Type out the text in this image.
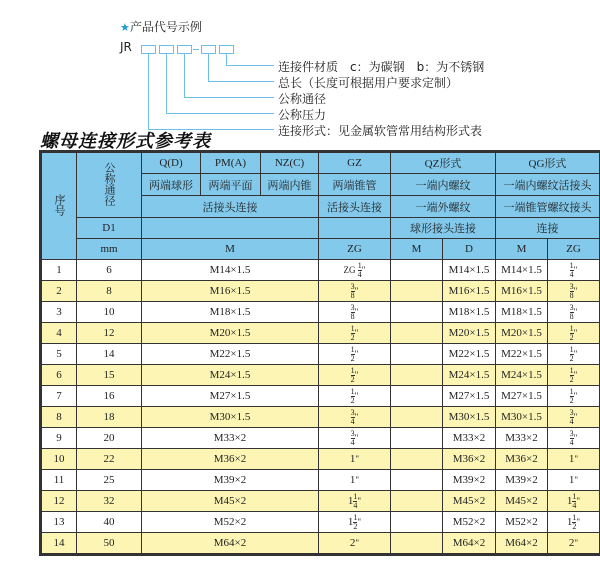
★产品代号示例
JR
连接件材质　c：为碳钢　b：为不锈钢
总长（长度可根据用户要求定制）
公称通径
公称压力
连接形式：见金属软管常用结构形式表
螺母连接形式参考表
序号	公称通径	Q(D)	PM(A)	NZ(C)	GZ	QZ形式		QG形式	
		两端球形	两端平面	两端内锥	两端锥管	一端内螺纹		一端内螺纹活接头	
		活接头连接			活接头连接	一端外螺纹		一端锥管螺纹接头	
	D1					球形接头连接		连接	
	mm	M			ZG	M	D	M	ZG
1	6	M14×1.5			ZG $\frac{1}{4}$ "		M14×1.5	M14×1.5	$\frac{1}{4}$ "
2	8	M16×1.5			$\frac{3}{8}$ "		M16×1.5	M16×1.5	$\frac{3}{8}$ "
3	10	M18×1.5			$\frac{3}{8}$ "		M18×1.5	M18×1.5	$\frac{3}{8}$ "
4	12	M20×1.5			$\frac{1}{2}$ "		M20×1.5	M20×1.5	$\frac{1}{2}$ "
5	14	M22×1.5			$\frac{1}{2}$ "		M22×1.5	M22×1.5	$\frac{1}{2}$ "
6	15	M24×1.5			$\frac{1}{2}$ "		M24×1.5	M24×1.5	$\frac{1}{2}$ "
7	16	M27×1.5			$\frac{1}{2}$ "		M27×1.5	M27×1.5	$\frac{1}{2}$ "
8	18	M30×1.5			$\frac{3}{4}$ "		M30×1.5	M30×1.5	$\frac{3}{4}$ "
9	20	M33×2			$\frac{3}{4}$ "		M33×2	M33×2	$\frac{3}{4}$ "
10	22	M36×2			1"		M36×2	M36×2	1"
11	25	M39×2			1"		M39×2	M39×2	1"
12	32	M45×2			$1 \frac{1}{4}$ "		M45×2	M45×2	$1 \frac{1}{4}$ "
13	40	M52×2			$1 \frac{1}{2}$ "		M52×2	M52×2	$1 \frac{1}{2}$ "
14	50	M64×2			2"		M64×2	M64×2	2"
